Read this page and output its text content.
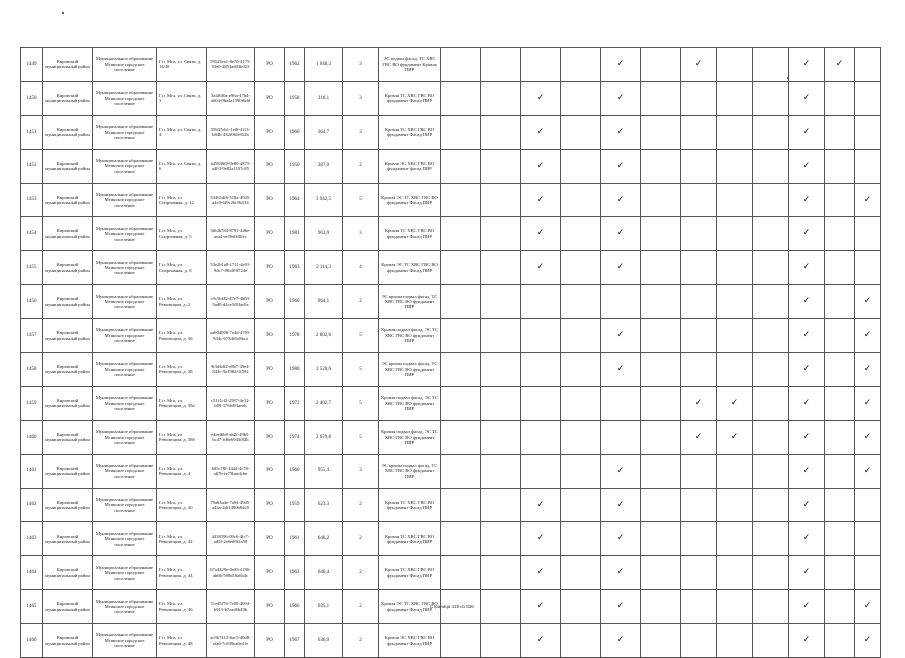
1449	Кировский муниципальный район	Муниципальное образование Мгинское городское поселение	Г.п. Мга, ул. Связи, д. 14/48	59523ea1-8e76-4175-93e6-2853ad03b023	РО	1962	1 048,3	3	ЭС подвал фасад, ТС ХВС ГВС ВО фундамент Кровля ПИР					✓		✓			✓	✓	
1450	Кировский муниципальный район	Муниципальное образование Мгинское городское поселение	Г.п. Мга, ул. Связи, д. 3	5a4f6f0a-e96a-47b4-a604-0ba4a1390f6dd	РО	1958	318,1	3	Кровля ТС ХВС ГВС ВО фундамент Фасад ПИР			✓		✓					✓		
1451	Кировский муниципальный район	Муниципальное образование Мгинское городское поселение	Г.п. Мга, ул. Связи, д. 4	59b37eb1-1e8f-4f13-b84b-432f06fe952b	РО	1960	364,7	3	Кровля ТС ХВС ГВС ВО фундамент Фасад ПИР			✓		✓					✓		
1452	Кировский муниципальный район	Муниципальное образование Мгинское городское поселение	Г.п. Мга, ул. Связи, д. 6	4d5846f0-0e80-4875-a403-9e82a1107c85	РО	1950	287,0	2	Кровля ЭС ХВС ГВС ВО фундамент фасад ПИР			✓		✓					✓		
1453	Кировский муниципальный район	Муниципальное образование Мгинское городское поселение	Г.п. Мга, ул. Спортивная, д. 12	53465df6-518a-4945-a4c9-6f9c26c9b534	РО	1964	3 942,5	5	Кровля ЭС ТС ХВС ГВС ВО фундамент Фасад ПИР			✓		✓					✓		✓
1454	Кировский муниципальный район	Муниципальное образование Мгинское городское поселение	Г.п. Мга, ул. Спортивная, д. 5	3f64b784-8791-4d6e-aea4-ec9bd3f8fcc	РО	1981	963,9	3	Кровля ТС ХВС ГВС ВО фундамент Фасад ПИР			✓		✓					✓		
1455	Кировский муниципальный район	Муниципальное образование Мгинское городское поселение	Г.п. Мга, ул. Спортивная, д. 8	53e2b1a8-1711-4e91-9dc7-f9b4f9f724e	РО	1963	2 114,3	4	Кровля ЭС ТС ХВС ГВС ВО фундамент Фасад ПИР			✓		✓					✓		
1456	Кировский муниципальный район	Муниципальное образование Мгинское городское поселение	Г.п. Мга, ул. Революции, д. 2	c9c5bf42-47e7-4b03-9ad0-d4ce5f83ac0a	РО	1960	964,1	2	ЭС крыша подвал фасад, ТС ХВС ГВС ВО фундамент ПИР										✓		✓
1457	Кировский муниципальный район	Муниципальное образование Мгинское городское поселение	Г.п. Мга, ул. Революции, д. 36	ea604096-7e4d-4705-9d4c-673d65e8bca	РО	1978	2 602,6	5	Кровля подвал фасад, ЭС ТС ХВС ГВС ВО фундамент ПИР					✓					✓		✓
1458	Кировский муниципальный район	Муниципальное образование Мгинское городское поселение	Г.п. Мга, ул. Революции, д. 38	9f3d4df2-e8b7-49e4-843c-9a1982f1f592	РО	1980	2 520,6	5	ЭС крыша подвал фасад, ТС ХВС ГВС ВО фундамент ПИР					✓					✓		✓
1459	Кировский муниципальный район	Муниципальное образование Мгинское городское поселение	Г.п. Мга, ул. Революции, д. 38а	c51f1cf2-2587-4e12-b09-176fd93aeeb	РО	1972	2 402,7	5	Кровля подвал фасад, ЭС ТС ХВС ГВС ВО фундамент ПИР							✓	✓		✓		✓
1460	Кировский муниципальный район	Муниципальное образование Мгинское городское поселение	Г.п. Мга, ул. Революции, д. 38б	e4eef6b9-ab2f-49b5-bc47-fd6e6943f02b	РО	1974	2 679,8	5	Кровля подвал фасад, ЭС ТС ХВС ГВС ВО фундамент ПИР							✓	✓		✓		✓
1461	Кировский муниципальный район	Муниципальное образование Мгинское городское поселение	Г.п. Мга, ул. Революции, д. 4	b85c78f-4444-4c78-a676-fe75bae4cbe	РО	1960	955,4	3	ЭС крыша подвал фасад, ТС ХВС ГВС ВО фундамент ПИР					✓					✓		✓
1462	Кировский муниципальный район	Муниципальное образование Мгинское городское поселение	Г.п. Мга, ул. Революции, д. 40	79a63a4e-7a94-49d5-a44a-2df1490b8d20	РО	1959	623,3	2	Кровля ТС ХВС ГВС ВО фундамент Фасад ПИР			✓		✓					✓		
1463	Кировский муниципальный район	Муниципальное образование Мгинское городское поселение	Г.п. Мга, ул. Революции, д. 42	4438396-09c6-4fc7-ad5f-2e6ed9f2a58	РО	1961	646,2	2	Кровля ТС ХВС ГВС ВО фундамент Фасад ПИР			✓		✓					✓		
1464	Кировский муниципальный район	Муниципальное образование Мгинское городское поселение	Г.п. Мга, ул. Революции, д. 44	67a4429e-0e03-4196-ab66-598d18a6b4c	РО	1962	640,4	2	Кровля ТС ХВС ГВС ВО фундамент Фасад ПИР			✓		✓					✓		
1465	Кировский муниципальный район	Муниципальное образование Мгинское городское поселение	Г.п. Мга, ул. Революции, д. 46	51ed5f76-7e80-4094-b913-b7ead6b49b	РО	1966	635,1	2	Кровля ЭС ТС ХВС ГВС ВО фундамент Фасад ПИР			✓		✓					✓		✓
1466	Кировский муниципальный район	Муниципальное образование Мгинское городское поселение	Г.п. Мга, ул. Революции, д. 48	ac9b7413-6ac5-4048-afad-7c839ea6e41e	РО	1967	636,9	2	Кровля ЭС ХВС ГВС ВО фундамент Фасад ПИР			✓		✓					✓		✓
Страница 415 из 836
